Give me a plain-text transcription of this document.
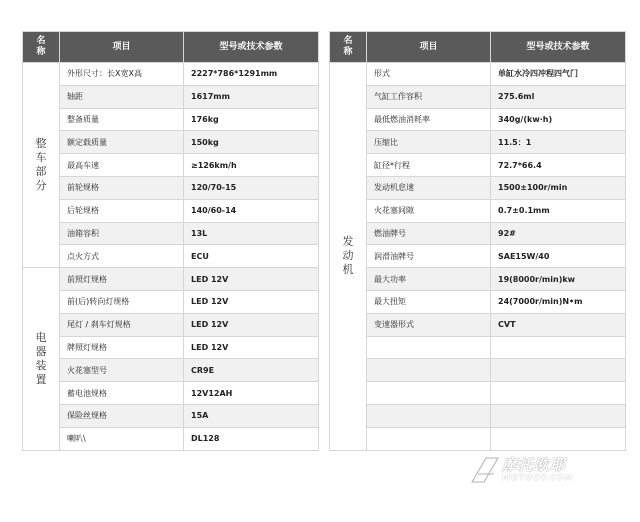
名
称	项目	型号或技术参数
整
车
部
分	外形尺寸：长X宽X高	2227*786*1291mm
	轴距	1617mm
	整备质量	176kg
	额定载质量	150kg
	最高车速	≥126km/h
	前轮规格	120/70-15
	后轮规格	140/60-14
	油箱容积	13L
	点火方式	ECU
电
器
装
置	前照灯规格	LED 12V
	前(后)转向灯规格	LED 12V
	尾灯 / 刹车灯规格	LED 12V
	牌照灯规格	LED 12V
	火花塞型号	CR9E
	蓄电池规格	12V12AH
	保险丝规格	15A
	喇叭\	DL128
名
称	项目	型号或技术参数
发
动
机	形式	单缸水冷四冲程四气门
	气缸工作容积	275.6ml
	最低燃油消耗率	340g/(kw·h)
	压缩比	11.5：1
	缸径*行程	72.7*66.4
	发动机怠速	1500±100r/min
	火花塞间隙	0.7±0.1mm
	燃油牌号	92#
	润滑油牌号	SAE15W/40
	最大功率	19(8000r/min)kw
	最大扭矩	24(7000r/min)N•m
	变速器形式	CVT

摩托欧耶
MOTOOY.COM
